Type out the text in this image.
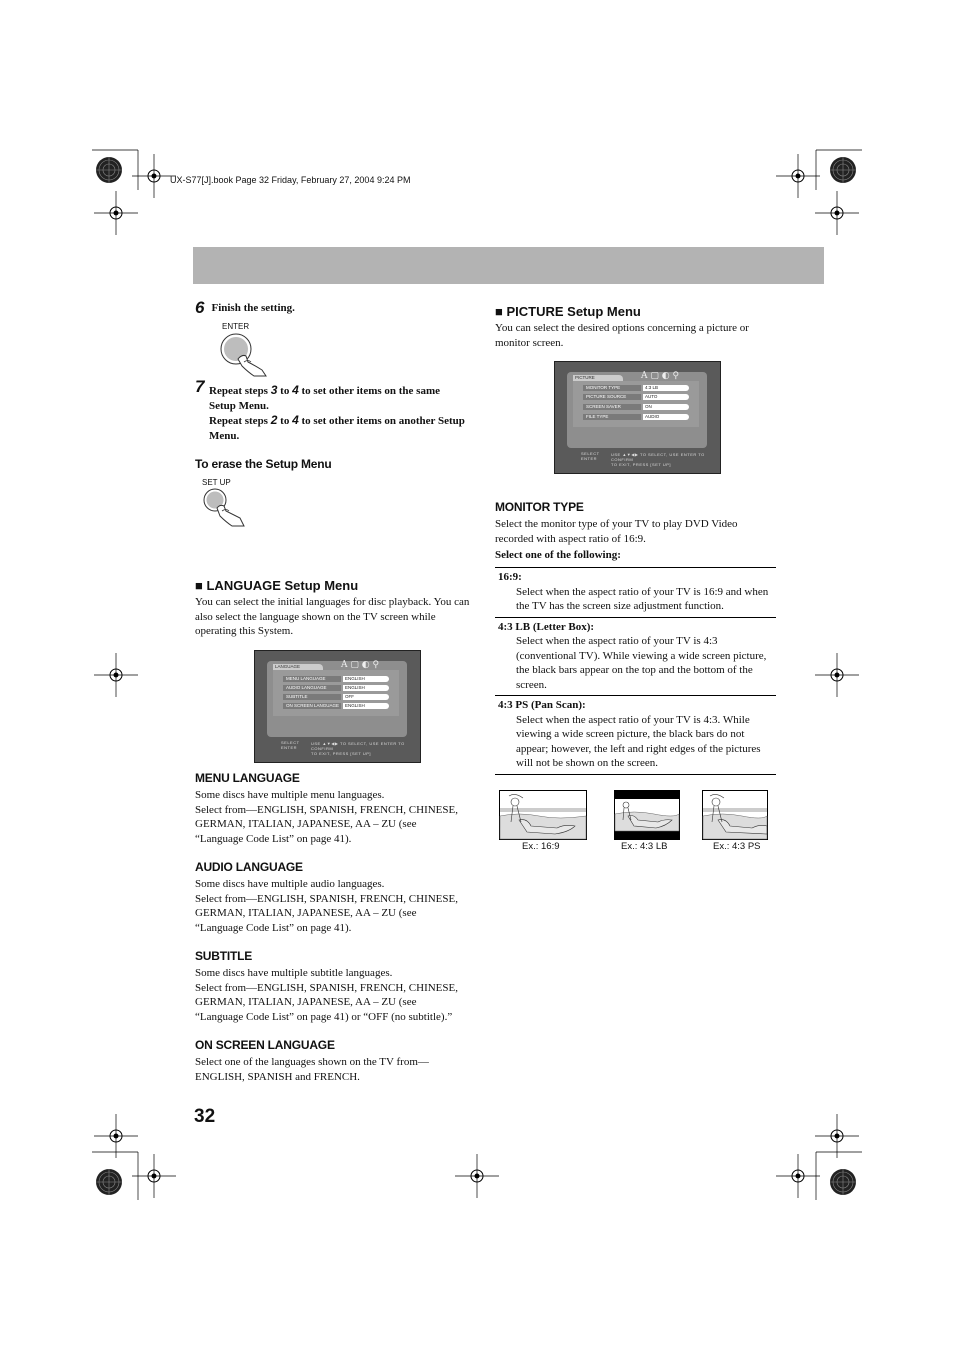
UX-S77[J].book Page 32 Friday, February 27, 2004 9:24 PM
6 Finish the setting.
ENTER
7 Repeat steps 3 to 4 to set other items on the same
Setup Menu.
Repeat steps 2 to 4 to set other items on another Setup
Menu.
To erase the Setup Menu
SET UP
■ LANGUAGE Setup Menu

You can select the initial languages for disc playback. You can also select the language shown on the TV screen while operating this System.

LANGUAGE	A ▢ ◐ ⚲
MENU LANGUAGE	ENGLISH
AUDIO LANGUAGE	ENGLISH
SUBTITLE	OFF
ON SCREEN LANGUAGE	ENGLISH
SELECT
ENTER
USE ▲▼◀▶ TO SELECT, USE ENTER TO CONFIRM
TO EXIT, PRESS [SET UP]
MENU LANGUAGE
Some discs have multiple menu languages.
Select from—ENGLISH, SPANISH, FRENCH, CHINESE,
GERMAN, ITALIAN, JAPANESE, AA – ZU (see
“Language Code List” on page 41).
AUDIO LANGUAGE
Some discs have multiple audio languages.
Select from—ENGLISH, SPANISH, FRENCH, CHINESE,
GERMAN, ITALIAN, JAPANESE, AA – ZU (see
“Language Code List” on page 41).
SUBTITLE
Some discs have multiple subtitle languages.
Select from—ENGLISH, SPANISH, FRENCH, CHINESE,
GERMAN, ITALIAN, JAPANESE, AA – ZU (see
“Language Code List” on page 41) or “OFF (no subtitle).”
ON SCREEN LANGUAGE
Select one of the languages shown on the TV from—
ENGLISH, SPANISH and FRENCH.
32
■ PICTURE Setup Menu
You can select the desired options concerning a picture or
monitor screen.
PICTURE	A ▢ ◐ ⚲
MONITOR TYPE	4:3 LB
PICTURE SOURCE	AUTO
SCREEN SAVER	ON
FILE TYPE	AUDIO
SELECT
ENTER
USE ▲▼◀▶ TO SELECT, USE ENTER TO CONFIRM
TO EXIT, PRESS [SET UP]
MONITOR TYPE
Select the monitor type of your TV to play DVD Video
recorded with aspect ratio of 16:9.
Select one of the following:
16:9:
Select when the aspect ratio of your TV is 16:9 and when the TV has the screen size adjustment function.

4:3 LB (Letter Box):
Select when the aspect ratio of your TV is 4:3 (conventional TV). While viewing a wide screen picture, the black bars appear on the top and the bottom of the screen.

4:3 PS (Pan Scan):
Select when the aspect ratio of your TV is 4:3. While viewing a wide screen picture, the black bars do not appear; however, the left and right edges of the pictures will not be shown on the screen.
Ex.: 16:9	Ex.: 4:3 LB	Ex.: 4:3 PS
